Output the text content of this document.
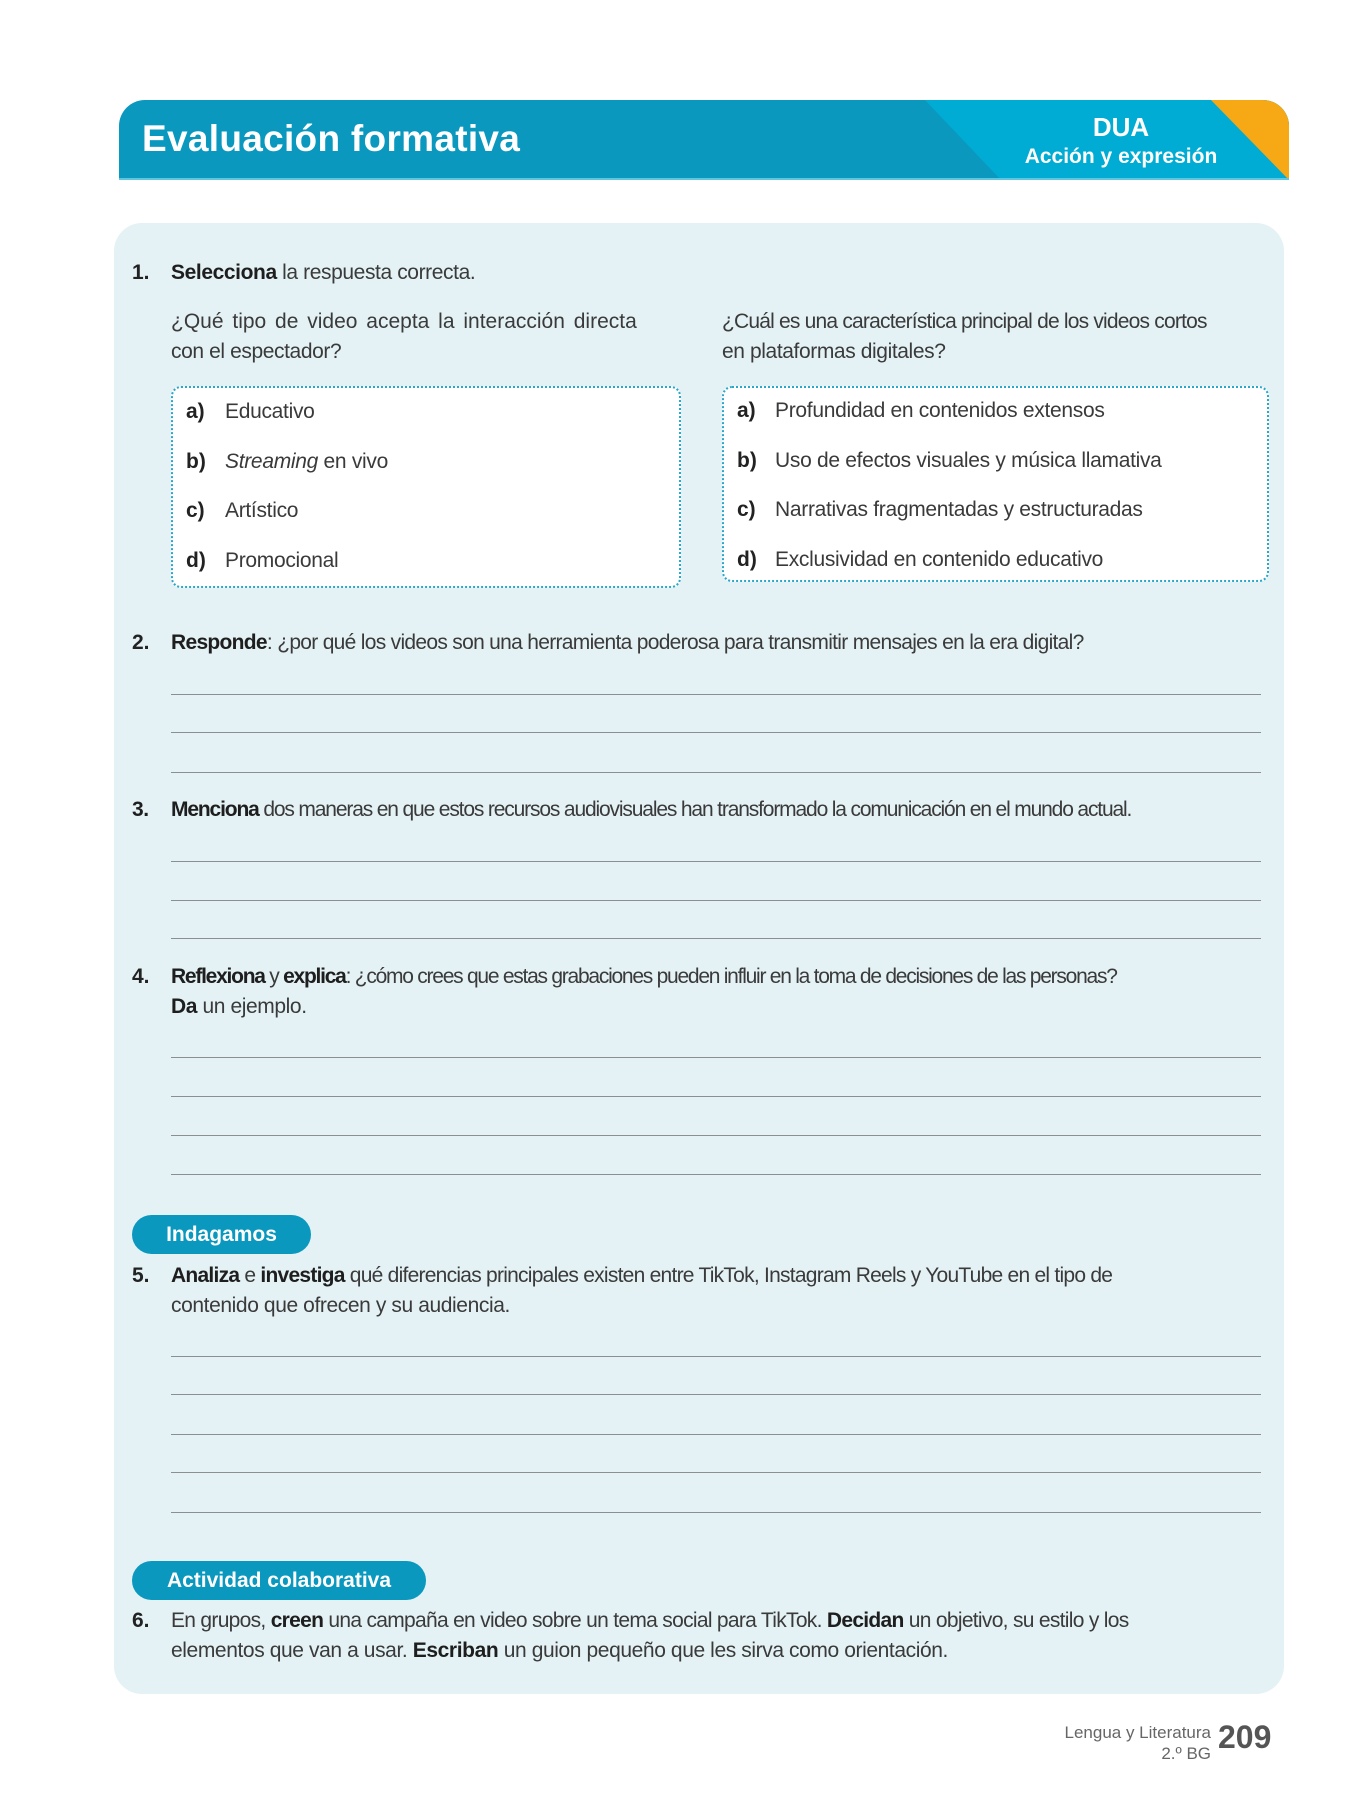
Evaluación formativa	DUA
Acción y expresión
1. Selecciona la respuesta correcta.
¿Qué tipo de video acepta la interacción directa
con el espectador?
¿Cuál es una característica principal de los videos cortos
en plataformas digitales?
a) Educativo
b) Streaming en vivo
c) Artístico
d) Promocional
a) Profundidad en contenidos extensos
b) Uso de efectos visuales y música llamativa
c) Narrativas fragmentadas y estructuradas
d) Exclusividad en contenido educativo
2. Responde: ¿por qué los videos son una herramienta poderosa para transmitir mensajes en la era digital?
3. Menciona dos maneras en que estos recursos audiovisuales han transformado la comunicación en el mundo actual.
4. Reflexiona y explica: ¿cómo crees que estas grabaciones pueden influir en la toma de decisiones de las personas?
Da un ejemplo.
Indagamos
5. Analiza e investiga qué diferencias principales existen entre TikTok, Instagram Reels y YouTube en el tipo de
contenido que ofrecen y su audiencia.
Actividad colaborativa
6. En grupos, creen una campaña en video sobre un tema social para TikTok. Decidan un objetivo, su estilo y los
elementos que van a usar. Escriban un guion pequeño que les sirva como orientación.
Lengua y Literatura
2.º BG 209
